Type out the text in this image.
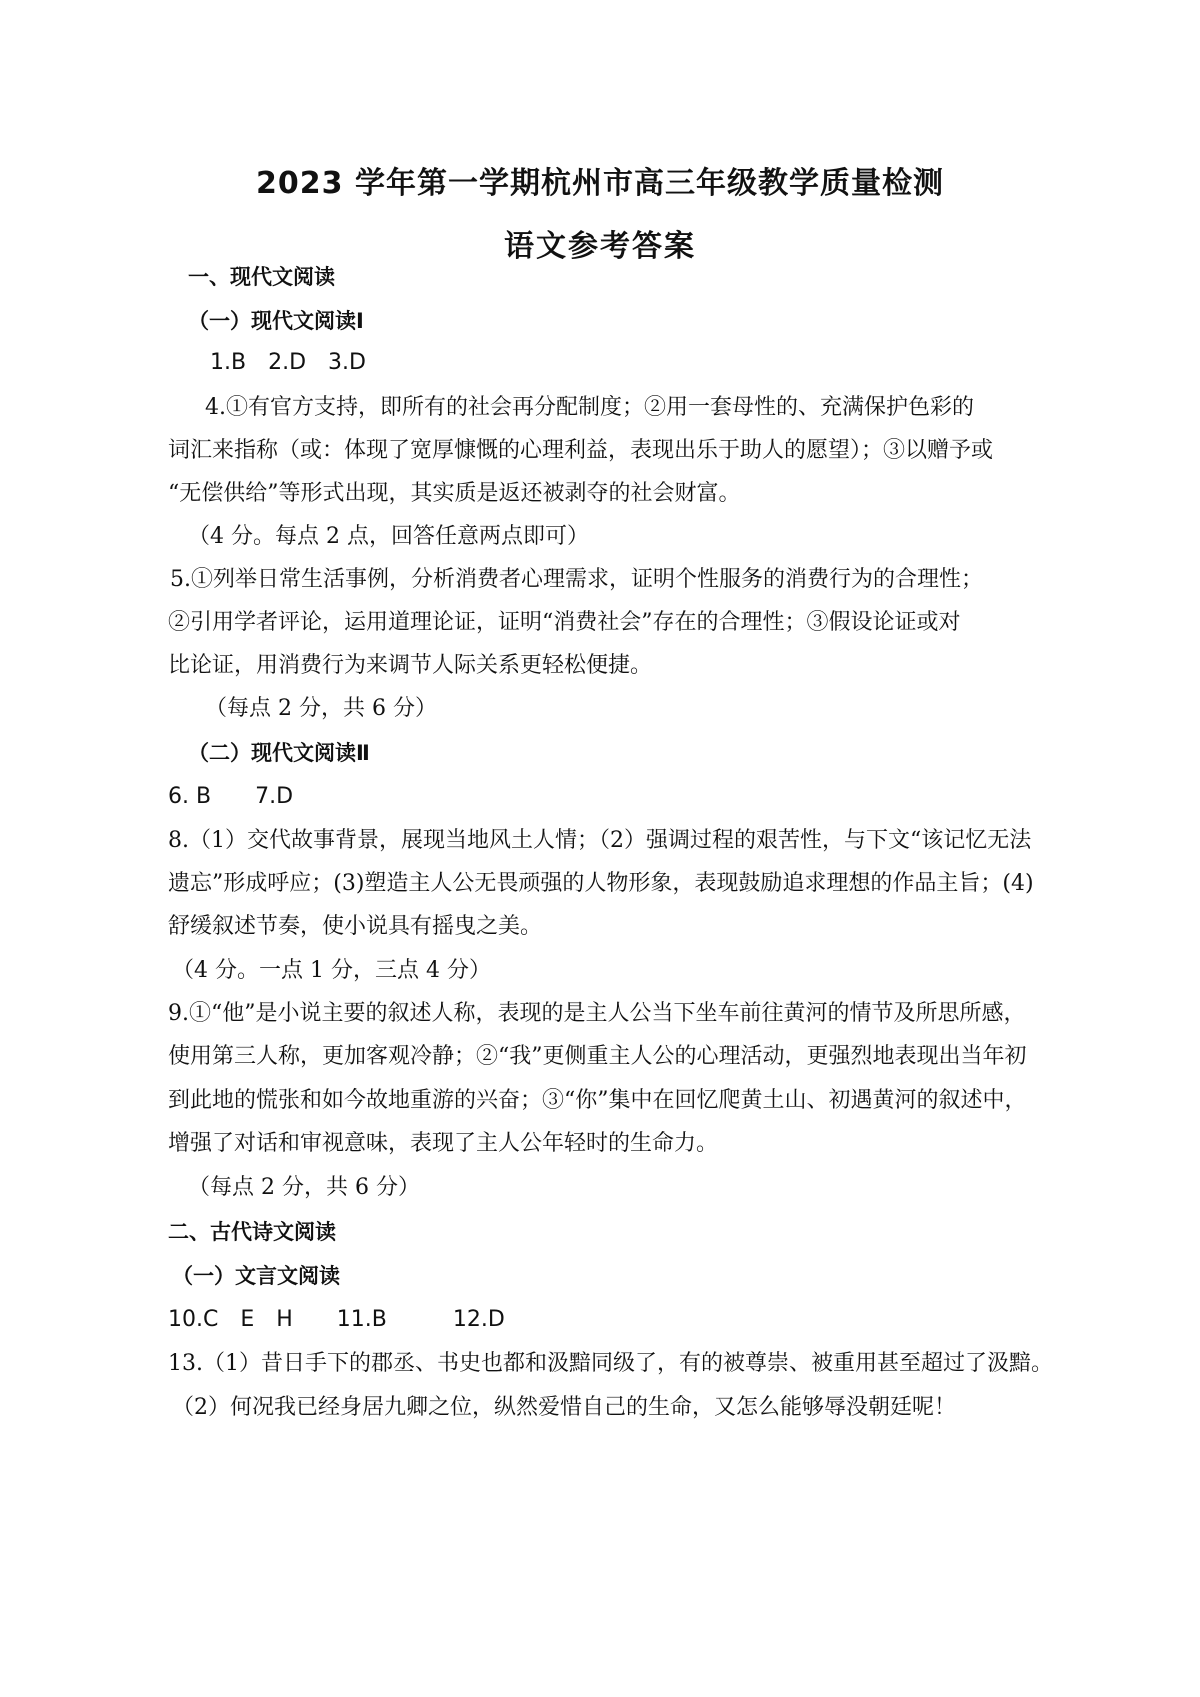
2023 学年第一学期杭州市高三年级教学质量检测
语文参考答案
一、现代文阅读
（一）现代文阅读Ⅰ
1.B　2.D　3.D
4.①有官方支持，即所有的社会再分配制度；②用一套母性的、充满保护色彩的
词汇来指称（或：体现了宽厚慷慨的心理利益，表现出乐于助人的愿望）；③以赠予或
“无偿供给”等形式出现，其实质是返还被剥夺的社会财富。
（4 分。每点 2 点，回答任意两点即可）
5.①列举日常生活事例，分析消费者心理需求，证明个性服务的消费行为的合理性；
②引用学者评论，运用道理论证，证明“消费社会”存在的合理性；③假设论证或对
比论证，用消费行为来调节人际关系更轻松便捷。
（每点 2 分，共 6 分）
（二）现代文阅读Ⅱ
6. B　　7.D
8.（1）交代故事背景，展现当地风土人情；（2）强调过程的艰苦性，与下文“该记忆无法
遗忘”形成呼应；(3)塑造主人公无畏顽强的人物形象，表现鼓励追求理想的作品主旨；(4)
舒缓叙述节奏，使小说具有摇曳之美。
（4 分。一点 1 分，三点 4 分）
9.①“他”是小说主要的叙述人称，表现的是主人公当下坐车前往黄河的情节及所思所感，
使用第三人称，更加客观冷静；②“我”更侧重主人公的心理活动，更强烈地表现出当年初
到此地的慌张和如今故地重游的兴奋；③“你”集中在回忆爬黄土山、初遇黄河的叙述中，
增强了对话和审视意味，表现了主人公年轻时的生命力。
（每点 2 分，共 6 分）
二、古代诗文阅读
（一）文言文阅读
10.C　E　H　　11.B　　　12.D
13.（1）昔日手下的郡丞、书史也都和汲黯同级了，有的被尊崇、被重用甚至超过了汲黯。
（2）何况我已经身居九卿之位，纵然爱惜自己的生命，又怎么能够辱没朝廷呢！
